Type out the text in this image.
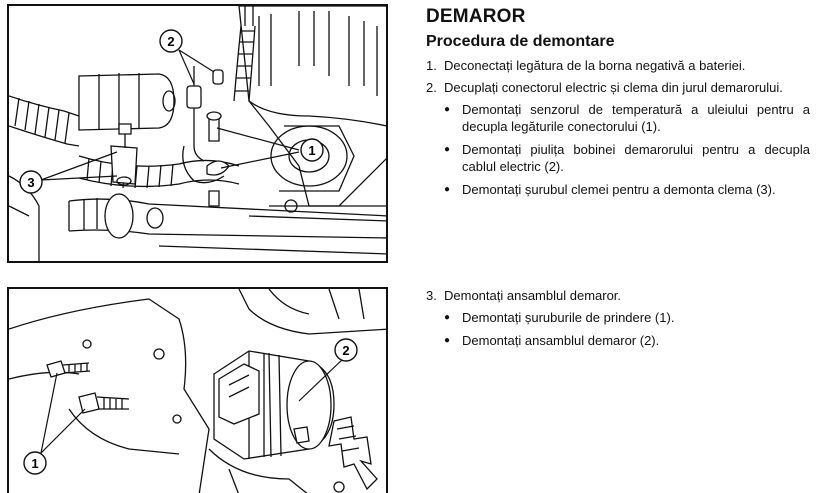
2
1
3
2
1
DEMAROR
Procedura de demontare
1. Deconectați legătura de la borna negativă a bateriei.
2. Decuplați conectorul electric și clema din jurul demarorului.
● Demontați senzorul de temperatură a uleiului pentru a decupla legăturile conectorului (1).
● Demontați piulița bobinei demarorului pentru a decupla cablul electric (2).
● Demontați șurubul clemei pentru a demonta clema (3).
3. Demontați ansamblul demaror.
● Demontați șuruburile de prindere (1).
● Demontați ansamblul demaror (2).
